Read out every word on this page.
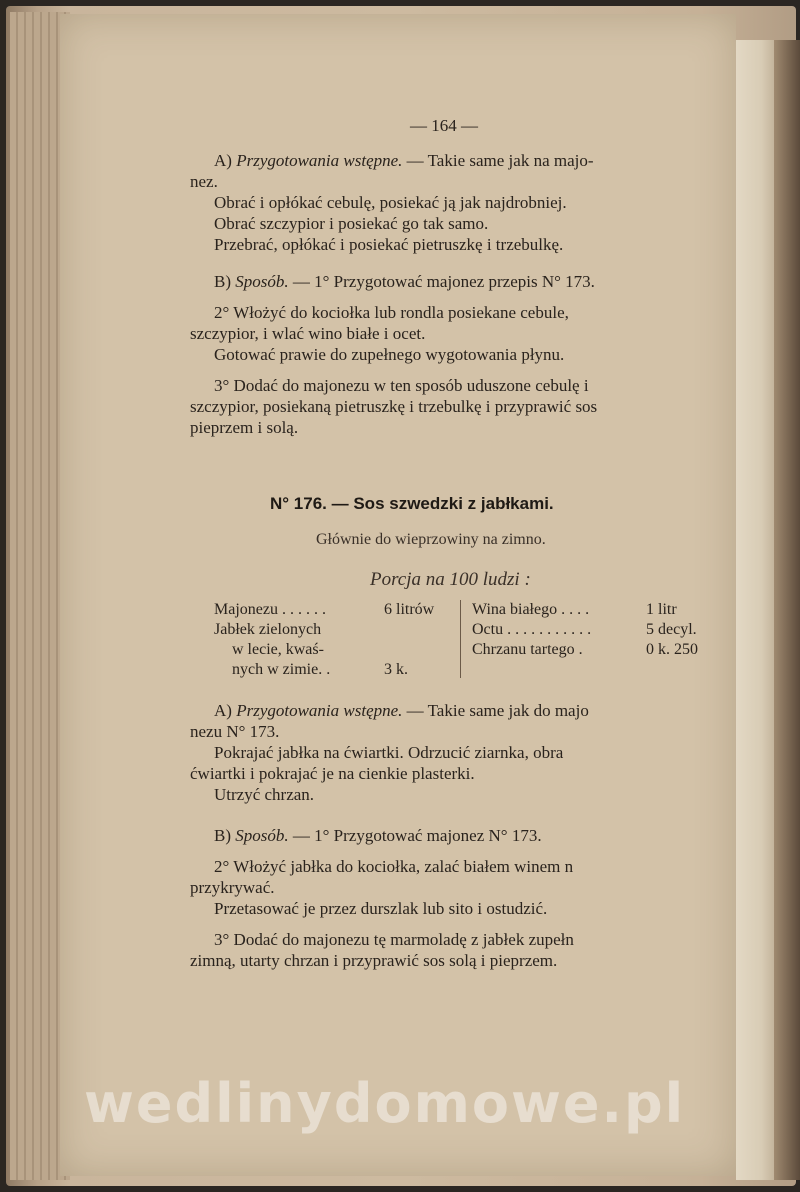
— 164 —

A) Przygotowania wstępne. — Takie same jak na majo-

nez.

Obrać i opłókać cebulę, posiekać ją jak najdrobniej.

Obrać szczypior i posiekać go tak samo.

Przebrać, opłókać i posiekać pietruszkę i trzebulkę.

B) Sposób. — 1° Przygotować majonez przepis N° 173.

2° Włożyć do kociołka lub rondla posiekane cebule,

szczypior, i wlać wino białe i ocet.

Gotować prawie do zupełnego wygotowania płynu.

3° Dodać do majonezu w ten sposób uduszone cebulę i

szczypior, posiekaną pietruszkę i trzebulkę i przyprawić sos

pieprzem i solą.

N° 176. — Sos szwedzki z jabłkami.
Głównie do wieprzowiny na zimno.
Porcja na 100 ludzi :
Majonezu . . . . . .
Jabłek zielonych
w lecie, kwaś-
nych w zimie. .
6 litrów
3 k.
Wina białego . . . .
Octu . . . . . . . . . . .
Chrzanu tartego .
1 litr
5 decyl.
0 k. 250

A) Przygotowania wstępne. — Takie same jak do majo

nezu N° 173.

Pokrajać jabłka na ćwiartki. Odrzucić ziarnka, obra

ćwiartki i pokrajać je na cienkie plasterki.

Utrzyć chrzan.

B) Sposób. — 1° Przygotować majonez N° 173.

2° Włożyć jabłka do kociołka, zalać białem winem n

przykrywać.

Przetasować je przez durszlak lub sito i ostudzić.

3° Dodać do majonezu tę marmoladę z jabłek zupełn

zimną, utarty chrzan i przyprawić sos solą i pieprzem.

wedlinydomowe.pl
